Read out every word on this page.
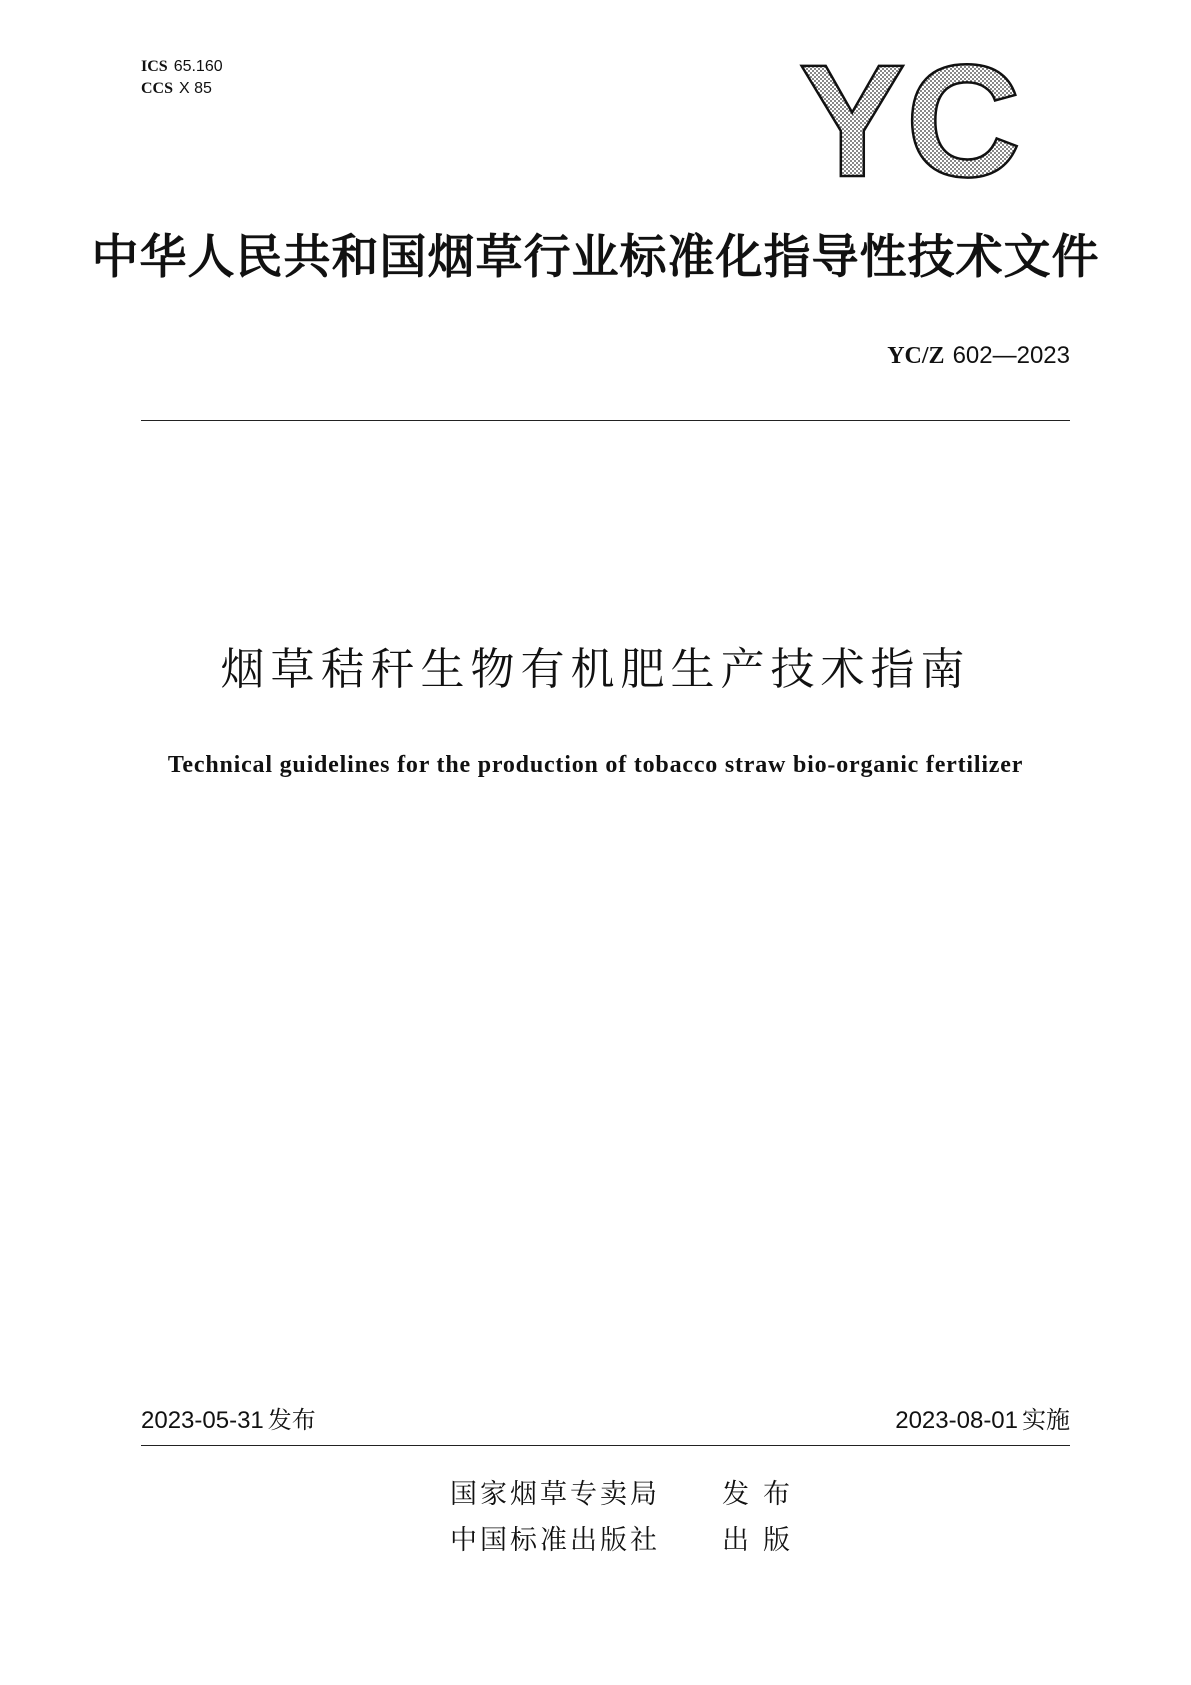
ICS 65.160
CCS X 85	YC
中华人民共和国烟草行业标准化指导性技术文件
YC/Z 602—2023
烟草秸秆生物有机肥生产技术指南
Technical guidelines for the production of tobacco straw bio-organic fertilizer
2023-05-31 发布	2023-08-01 实施
国家烟草专卖局 发布
中国标准出版社 出版
